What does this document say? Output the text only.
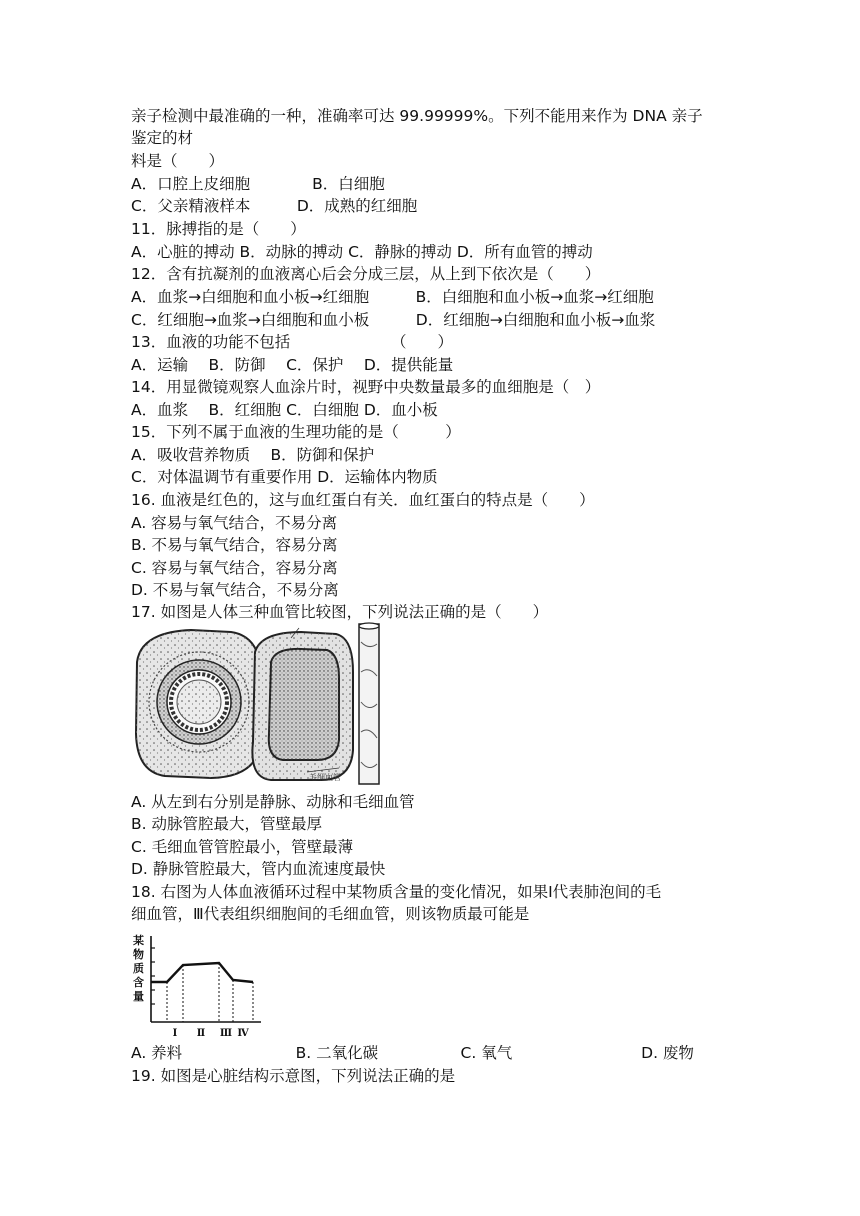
亲子检测中最准确的一种，准确率可达 99.99999%。下列不能用来作为 DNA 亲子
鉴定的材
料是（　　）
A．口腔上皮细胞　　　　B．白细胞
C．父亲精液样本　　　D．成熟的红细胞
11．脉搏指的是（　　）
A．心脏的搏动 B．动脉的搏动 C．静脉的搏动 D．所有血管的搏动
12．含有抗凝剂的血液离心后会分成三层，从上到下依次是（　　）
A．血浆→白细胞和血小板→红细胞　　　B．白细胞和血小板→血浆→红细胞
C．红细胞→血浆→白细胞和血小板　　　D．红细胞→白细胞和血小板→血浆
13．血液的功能不包括　　　　　　　（　　）
A．运输　 B．防御　 C．保护　 D．提供能量
14．用显微镜观察人血涂片时，视野中央数量最多的血细胞是（　）
A．血浆　 B．红细胞 C．白细胞 D．血小板
15．下列不属于血液的生理功能的是（　　　）
A．吸收营养物质　 B．防御和保护
C．对体温调节有重要作用 D．运输体内物质
16. 血液是红色的，这与血红蛋白有关．血红蛋白的特点是（　　）
A. 容易与氧气结合，不易分离
B. 不易与氧气结合，容易分离
C. 容易与氧气结合，容易分离
D. 不易与氧气结合，不易分离
17. 如图是人体三种血管比较图，下列说法正确的是（　　）
毛细血管
A. 从左到右分别是静脉、动脉和毛细血管
B. 动脉管腔最大，管壁最厚
C. 毛细血管管腔最小，管壁最薄
D. 静脉管腔最大，管内血流速度最快
18. 右图为人体血液循环过程中某物质含量的变化情况，如果Ⅰ代表肺泡间的毛
细血管，Ⅲ代表组织细胞间的毛细血管，则该物质最可能是
某
物
质
含
量
Ⅰ Ⅱ Ⅲ Ⅳ
A. 养料　　　　　　　 B. 二氧化碳　　　　　 C. 氧气　　　　　　　　 D. 废物
19. 如图是心脏结构示意图，下列说法正确的是
